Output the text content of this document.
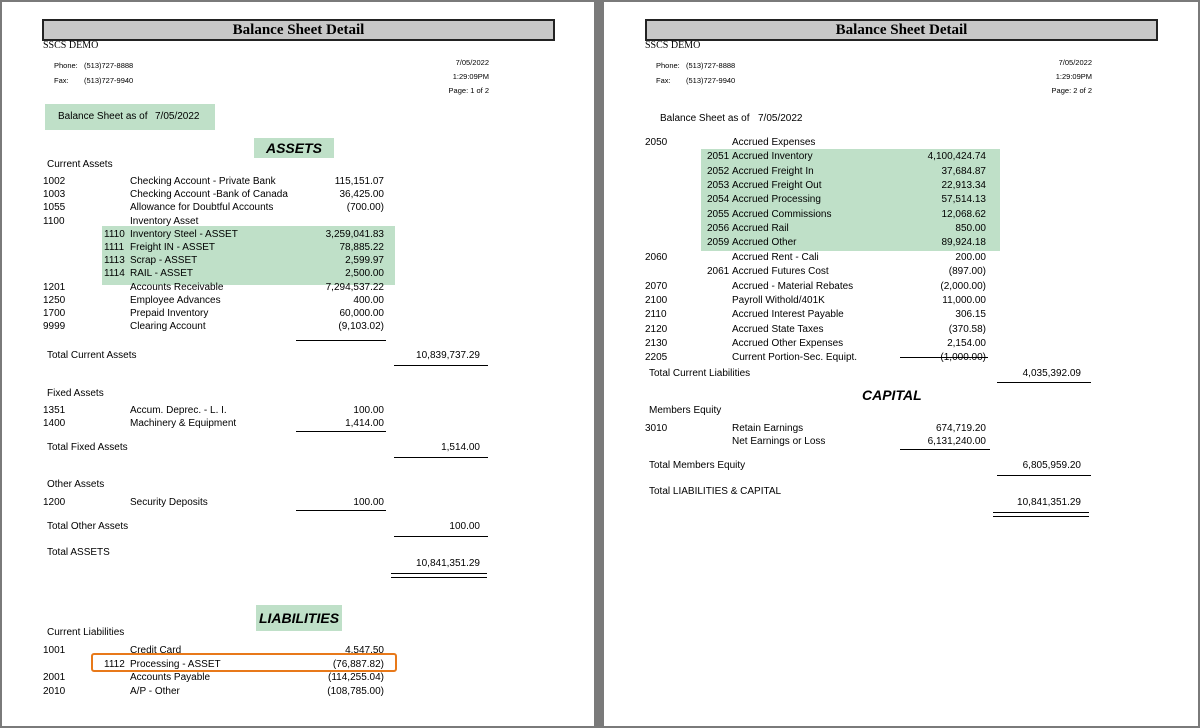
Balance Sheet Detail
SSCS DEMO
Phone: (513)727-8888
Fax: (513)727-9940
7/05/2022
1:29:09PM
Page: 1 of 2
Balance Sheet as of 7/05/2022
ASSETS
Current Assets
1002	Checking Account - Private Bank	115,151.07
1003	Checking Account -Bank of Canada	36,425.00
1055	Allowance for Doubtful Accounts	(700.00)
1100	Inventory Asset
1110 Inventory Steel - ASSET	3,259,041.83
1111 Freight IN - ASSET	78,885.22
1113 Scrap - ASSET	2,599.97
1114 RAIL - ASSET	2,500.00
1201	Accounts Receivable	7,294,537.22
1250	Employee Advances	400.00
1700	Prepaid Inventory	60,000.00
9999	Clearing Account	(9,103.02)
Total Current Assets	10,839,737.29
Fixed Assets
1351	Accum. Deprec. - L. I.	100.00
1400	Machinery & Equipment	1,414.00
Total Fixed Assets	1,514.00
Other Assets
1200	Security Deposits	100.00
Total Other Assets	100.00
Total ASSETS
10,841,351.29
LIABILITIES
Current Liabilities
1001	Credit Card	4,547.50
1112 Processing - ASSET	(76,887.82)
2001	Accounts Payable	(114,255.04)
2010	A/P - Other	(108,785.00)
Balance Sheet Detail
SSCS DEMO
Phone: (513)727-8888
Fax: (513)727-9940
7/05/2022
1:29:09PM
Page: 2 of 2
Balance Sheet as of 7/05/2022
2050	Accrued Expenses
2051 Accrued Inventory	4,100,424.74
2052 Accrued Freight In	37,684.87
2053 Accrued Freight Out	22,913.34
2054 Accrued Processing	57,514.13
2055 Accrued Commissions	12,068.62
2056 Accrued Rail	850.00
2059 Accrued Other	89,924.18
2060	Accrued Rent - Cali	200.00
2061 Accrued Futures Cost	(897.00)
2070	Accrued - Material Rebates	(2,000.00)
2100	Payroll Withold/401K	11,000.00
2110	Accrued Interest Payable	306.15
2120	Accrued State Taxes	(370.58)
2130	Accrued Other Expenses	2,154.00
2205	Current Portion-Sec. Equipt.	(1,000.00)
Total Current Liabilities	4,035,392.09
CAPITAL
Members Equity
3010	Retain Earnings	674,719.20
Net Earnings or Loss	6,131,240.00
Total Members Equity	6,805,959.20
Total LIABILITIES & CAPITAL
10,841,351.29
